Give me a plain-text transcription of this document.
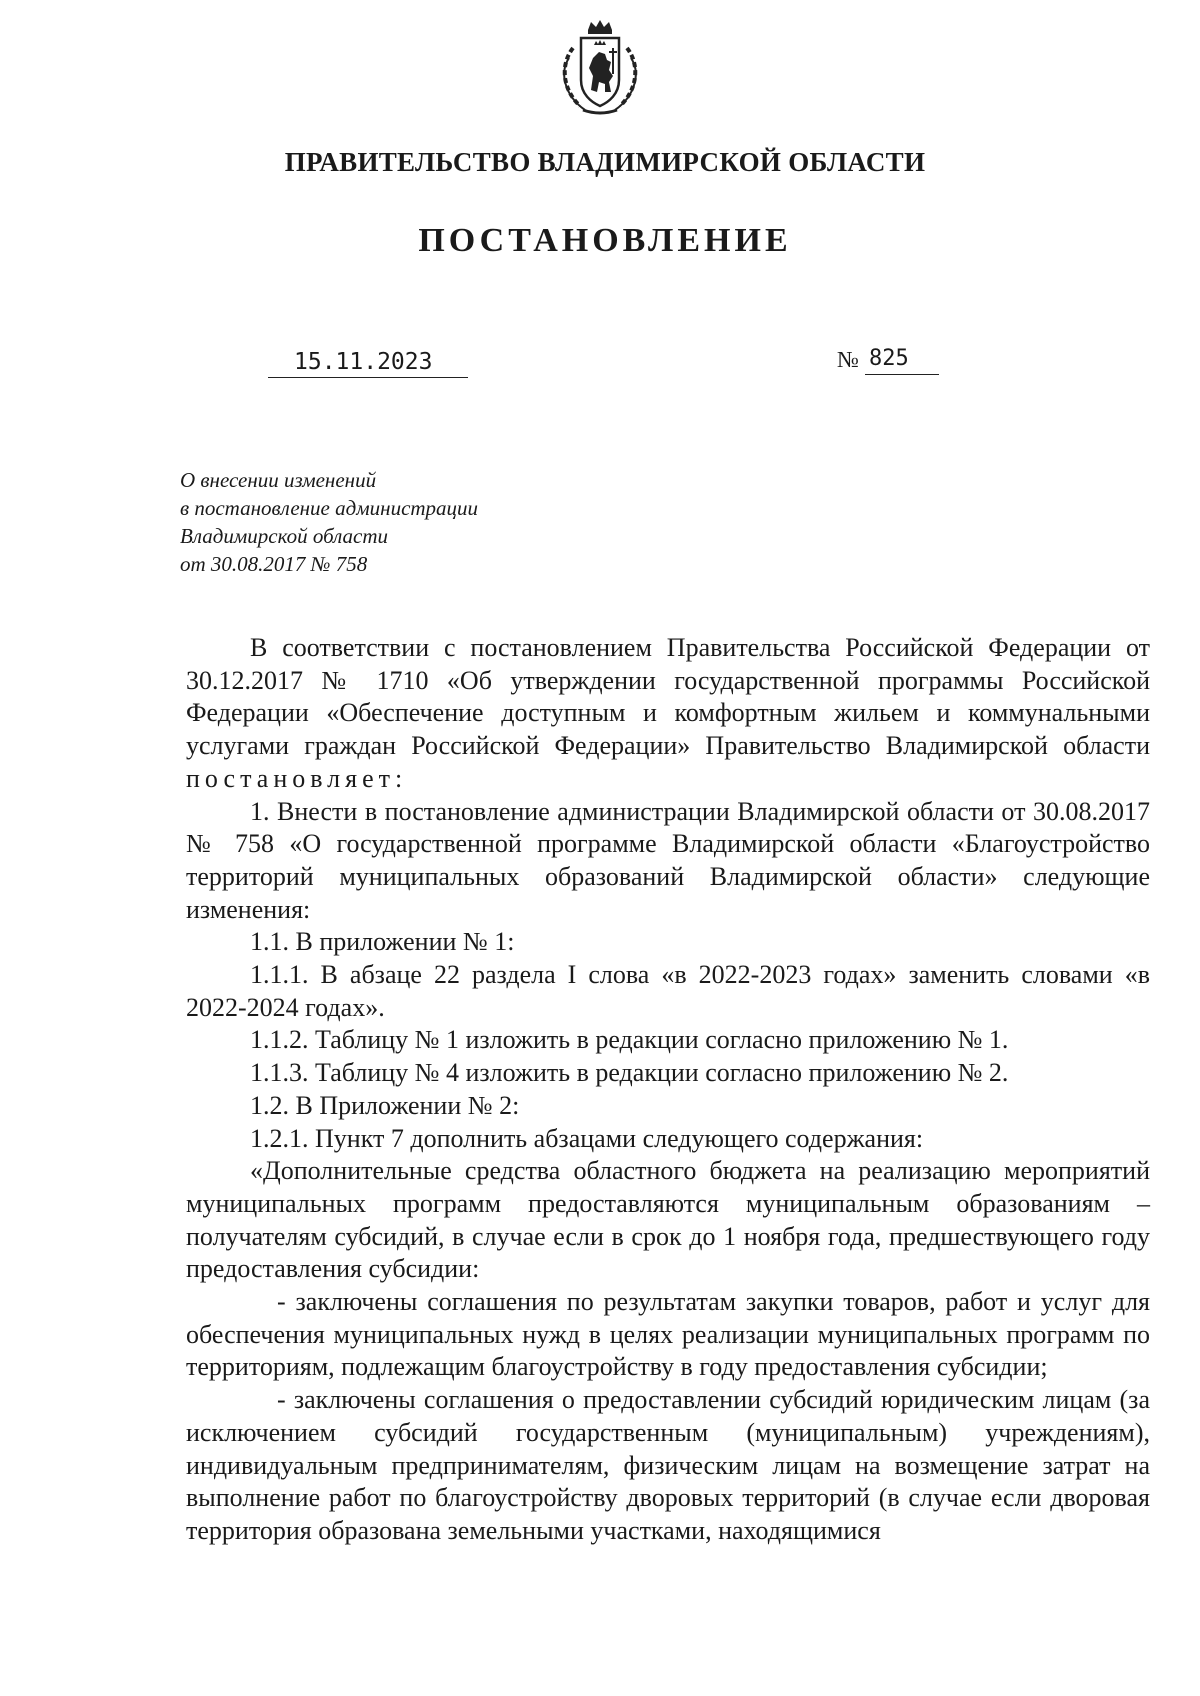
ПРАВИТЕЛЬСТВО ВЛАДИМИРСКОЙ ОБЛАСТИ
ПОСТАНОВЛЕНИЕ
15.11.2023	№ 825
О внесении изменений
в постановление администрации
Владимирской области
от 30.08.2017 № 758

В соответствии с постановлением Правительства Российской Федерации от 30.12.2017 № 1710 «Об утверждении государственной программы Российской Федерации «Обеспечение доступным и комфортным жильем и коммунальными услугами граждан Российской Федерации» Правительство Владимирской области постановляет:

1. Внести в постановление администрации Владимирской области от 30.08.2017 № 758 «О государственной программе Владимирской области «Благоустройство территорий муниципальных образований Владимирской области» следующие изменения:

1.1. В приложении № 1:

1.1.1. В абзаце 22 раздела I слова «в 2022-2023 годах» заменить словами «в 2022-2024 годах».

1.1.2. Таблицу № 1 изложить в редакции согласно приложению № 1.

1.1.3. Таблицу № 4 изложить в редакции согласно приложению № 2.

1.2. В Приложении № 2:

1.2.1. Пункт 7 дополнить абзацами следующего содержания:

«Дополнительные средства областного бюджета на реализацию мероприятий муниципальных программ предоставляются муниципальным образованиям – получателям субсидий, в случае если в срок до 1 ноября года, предшествующего году предоставления субсидии:

- заключены соглашения по результатам закупки товаров, работ и услуг для обеспечения муниципальных нужд в целях реализации муниципальных программ по территориям, подлежащим благоустройству в году предоставления субсидии;

- заключены соглашения о предоставлении субсидий юридическим лицам (за исключением субсидий государственным (муниципальным) учреждениям), индивидуальным предпринимателям, физическим лицам на возмещение затрат на выполнение работ по благоустройству дворовых территорий (в случае если дворовая территория образована земельными участками, находящимися
